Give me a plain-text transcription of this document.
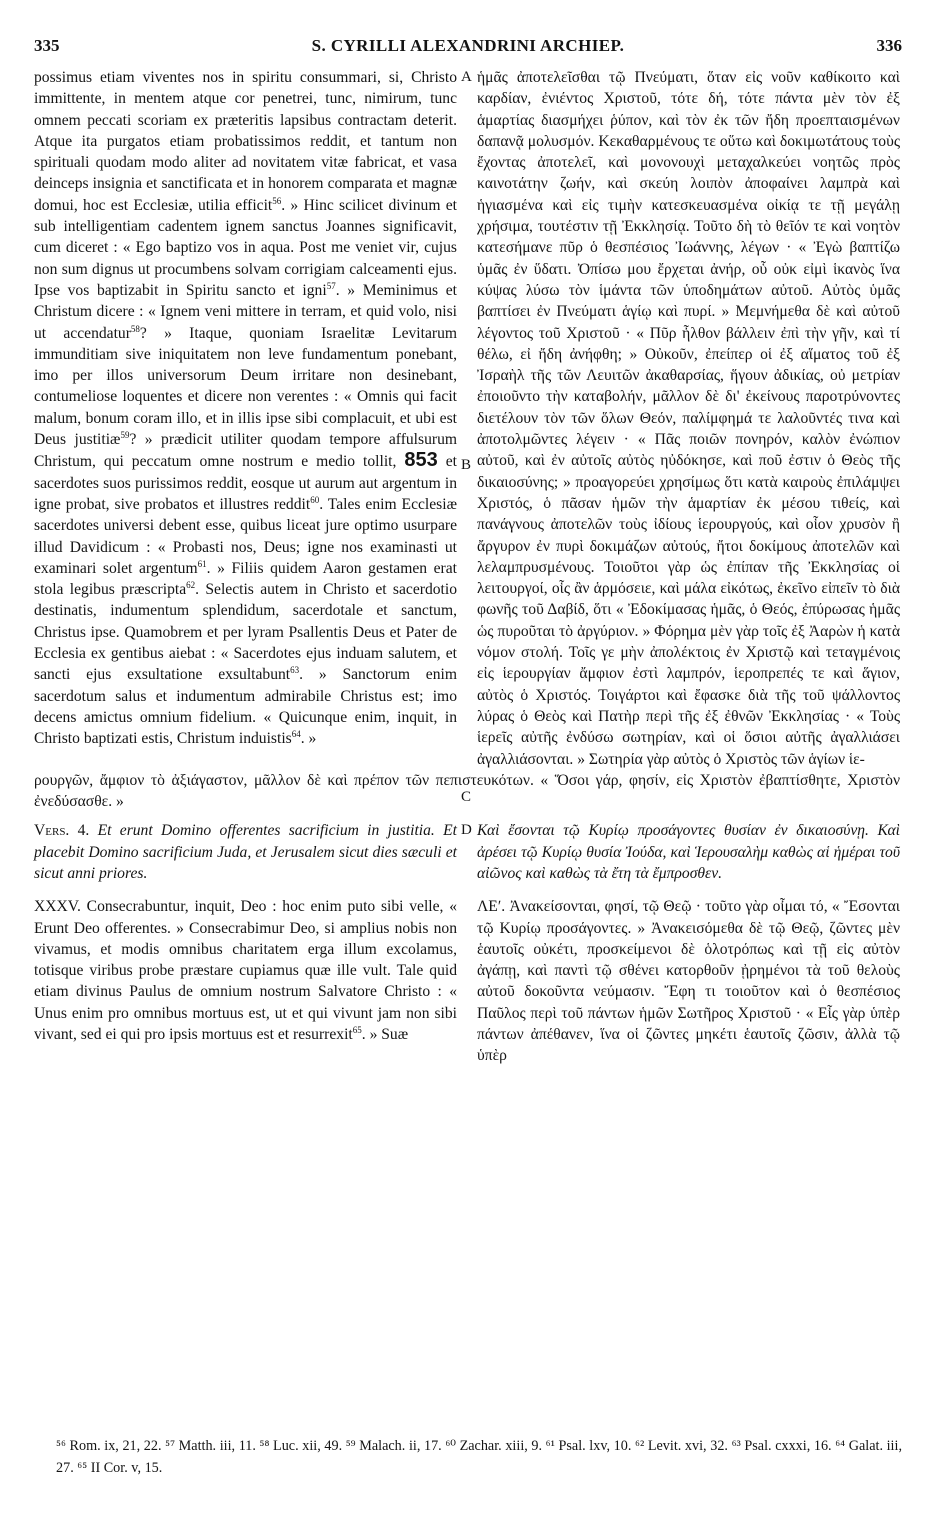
335	S. CYRILLI ALEXANDRINI ARCHIEP.	336

possimus etiam viventes nos in spiritu consummari, si, Christo immittente, in mentem atque cor penetrei, tunc, nimirum, tunc omnem peccati scoriam ex præteritis lapsibus contractam deterit. Atque ita purgatos etiam probatissimos reddit, et tantum non spirituali quodam modo aliter ad novitatem vitæ fabricat, et vasa deinceps insignia et sanctificata et in honorem comparata et magnæ domui, hoc est Ecclesiæ, utilia efficit$^{56}$. » Hinc scilicet divinum et sub intelligentiam cadentem ignem sanctus Joannes significavit, cum diceret : « Ego baptizo vos in aqua. Post me veniet vir, cujus non sum dignus ut procumbens solvam corrigiam calceamenti ejus. Ipse vos baptizabit in Spiritu sancto et igni$^{57}$. » Meminimus et Christum dicere : « Ignem veni mittere in terram, et quid volo, nisi ut accendatur$^{58}$? » Itaque, quoniam Israelitæ Levitarum immunditiam sive iniquitatem non leve fundamentum ponebant, imo per illos universorum Deum irritare non desinebant, contumeliose loquentes et dicere non verentes : « Omnis qui facit malum, bonum coram illo, et in illis ipse sibi complacuit, et ubi est Deus justitiæ$^{59}$? » prædicit utiliter quodam tempore affulsurum Christum, qui peccatum omne nostrum e medio tollit, 853 et sacerdotes suos purissimos reddit, eosque ut aurum aut argentum in igne probat, sive probatos et illustres reddit$^{60}$. Tales enim Ecclesiæ sacerdotes universi debent esse, quibus liceat jure optimo usurpare illud Davidicum : « Probasti nos, Deus; igne nos examinasti ut examinari solet argentum$^{61}$. » Filiis quidem Aaron gestamen erat stola legibus præscripta$^{62}$. Selectis autem in Christo et sacerdotio destinatis, indumentum splendidum, sacerdotale et sanctum, Christus ipse. Quamobrem et per lyram Psallentis Deus et Pater de Ecclesia ex gentibus aiebat : « Sacerdotes ejus induam salutem, et sancti ejus exsultatione exsultabunt$^{63}$. » Sanctorum enim sacerdotum salus et indumentum admirabile Christus est; imo decens amictus omnium fidelium. « Quicunque enim, inquit, in Christo baptizati estis, Christum induistis$^{64}$. »

A
B
C

ἡμᾶς ἀποτελεῖσθαι τῷ Πνεύματι, ὅταν εἰς νοῦν καθίκοιτο καὶ καρδίαν, ἐνιέντος Χριστοῦ, τότε δή, τότε πάντα μὲν τὸν ἐξ ἁμαρτίας διασμήχει ῥύπον, καὶ τὸν ἐκ τῶν ἤδη προεπταισμένων δαπανᾷ μολυσμόν. Κεκαθαρμένους τε οὕτω καὶ δοκιμωτάτους τοὺς ἔχοντας ἀποτελεῖ, καὶ μονονουχὶ μεταχαλκεύει νοητῶς πρὸς καινοτάτην ζωήν, καὶ σκεύη λοιπὸν ἀποφαίνει λαμπρὰ καὶ ἡγιασμένα καὶ εἰς τιμὴν κατεσκευασμένα οἰκίᾳ τε τῇ μεγάλῃ χρήσιμα, τουτέστιν τῇ Ἐκκλησίᾳ. Τοῦτο δὴ τὸ θεῖόν τε καὶ νοητὸν κατεσήμανε πῦρ ὁ θεσπέσιος Ἰωάννης, λέγων · « Ἐγὼ βαπτίζω ὑμᾶς ἐν ὕδατι. Ὀπίσω μου ἔρχεται ἀνήρ, οὗ οὐκ εἰμὶ ἱκανὸς ἵνα κύψας λύσω τὸν ἱμάντα τῶν ὑποδημάτων αὐτοῦ. Αὐτὸς ὑμᾶς βαπτίσει ἐν Πνεύματι ἁγίῳ καὶ πυρί. » Μεμνήμεθα δὲ καὶ αὐτοῦ λέγοντος τοῦ Χριστοῦ · « Πῦρ ἦλθον βάλλειν ἐπὶ τὴν γῆν, καὶ τί θέλω, εἰ ἤδη ἀνήφθη; » Οὐκοῦν, ἐπείπερ οἱ ἐξ αἵματος τοῦ ἐξ Ἰσραὴλ τῆς τῶν Λευιτῶν ἀκαθαρσίας, ἥγουν ἀδικίας, οὐ μετρίαν ἐποιοῦντο τὴν καταβολήν, μᾶλλον δὲ δι' ἐκείνους παροτρύνοντες διετέλουν τὸν τῶν ὅλων Θεόν, παλίμφημά τε λαλοῦντές τινα καὶ ἀποτολμῶντες λέγειν · « Πᾶς ποιῶν πονηρόν, καλὸν ἐνώπιον αὐτοῦ, καὶ ἐν αὐτοῖς αὐτὸς ηὐδόκησε, καὶ ποῦ ἐστιν ὁ Θεὸς τῆς δικαιοσύνης; » προαγορεύει χρησίμως ὅτι κατὰ καιροὺς ἐπιλάμψει Χριστός, ὁ πᾶσαν ἡμῶν τὴν ἁμαρτίαν ἐκ μέσου τιθείς, καὶ πανάγνους ἀποτελῶν τοὺς ἰδίους ἱερουργούς, καὶ οἷον χρυσὸν ἢ ἄργυρον ἐν πυρὶ δοκιμάζων αὐτούς, ἤτοι δοκίμους ἀποτελῶν καὶ λελαμπρυσμένους. Τοιοῦτοι γὰρ ὡς ἐπίπαν τῆς Ἐκκλησίας οἱ λειτουργοί, οἷς ἂν ἁρμόσειε, καὶ μάλα εἰκότως, ἐκεῖνο εἰπεῖν τὸ διὰ φωνῆς τοῦ Δαβίδ, ὅτι « Ἐδοκίμασας ἡμᾶς, ὁ Θεός, ἐπύρωσας ἡμᾶς ὡς πυροῦται τὸ ἀργύριον. » Φόρημα μὲν γὰρ τοῖς ἐξ Ἀαρὼν ἡ κατὰ νόμον στολή. Τοῖς γε μὴν ἀπολέκτοις ἐν Χριστῷ καὶ τεταγμένοις εἰς ἱερουργίαν ἄμφιον ἐστὶ λαμπρόν, ἱεροπρεπές τε καὶ ἅγιον, αὐτὸς ὁ Χριστός. Τοιγάρτοι καὶ ἔφασκε διὰ τῆς τοῦ ψάλλοντος λύρας ὁ Θεὸς καὶ Πατὴρ περὶ τῆς ἐξ ἐθνῶν Ἐκκλησίας · « Τοὺς ἱερεῖς αὐτῆς ἐνδύσω σωτηρίαν, καὶ οἱ ὅσιοι αὐτῆς ἀγαλλιάσει ἀγαλλιάσονται. » Σωτηρία γὰρ αὐτὸς ὁ Χριστὸς τῶν ἁγίων ἱε-

ρουργῶν, ἄμφιον τὸ ἀξιάγαστον, μᾶλλον δὲ καὶ πρέπον τῶν πεπιστευκότων. « Ὅσοι γάρ, φησίν, εἰς Χριστὸν ἐβαπτίσθητε, Χριστὸν ἐνεδύσασθε. »

Vers. 4. Et erunt Domino offerentes sacrificium in justitia. Et placebit Domino sacrificium Juda, et Jerusalem sicut dies sæculi et sicut anni priores.

D Καὶ ἔσονται τῷ Κυρίῳ προσάγοντες θυσίαν ἐν δικαιοσύνῃ. Καὶ ἀρέσει τῷ Κυρίῳ θυσία Ἰούδα, καὶ Ἱερουσαλὴμ καθὼς αἱ ἡμέραι τοῦ αἰῶνος καὶ καθὼς τὰ ἔτη τὰ ἔμπροσθεν.

XXXV. Consecrabuntur, inquit, Deo : hoc enim puto sibi velle, « Erunt Deo offerentes. » Consecrabimur Deo, si amplius nobis non vivamus, et modis omnibus charitatem erga illum excolamus, totisque viribus probe præstare cupiamus quæ ille vult. Tale quid etiam divinus Paulus de omnium nostrum Salvatore Christo : « Unus enim pro omnibus mortuus est, ut et qui vivunt jam non sibi vivant, sed ei qui pro ipsis mortuus est et resurrexit$^{65}$. » Suæ

ΛΕʹ. Ἀνακείσονται, φησί, τῷ Θεῷ · τοῦτο γὰρ οἶμαι τό, « Ἔσονται τῷ Κυρίῳ προσάγοντες. » Ἀνακεισόμεθα δὲ τῷ Θεῷ, ζῶντες μὲν ἑαυτοῖς οὐκέτι, προσκείμενοι δὲ ὁλοτρόπως καὶ τῇ εἰς αὐτὸν ἀγάπῃ, καὶ παντὶ τῷ σθένει κατορθοῦν ᾐρημένοι τὰ τοῦ θελοὺς αὐτοῦ δοκοῦντα νεύμασιν. Ἔφη τι τοιοῦτον καὶ ὁ θεσπέσιος Παῦλος περὶ τοῦ πάντων ἡμῶν Σωτῆρος Χριστοῦ · « Εἷς γὰρ ὑπὲρ πάντων ἀπέθανεν, ἵνα οἱ ζῶντες μηκέτι ἑαυτοῖς ζῶσιν, ἀλλὰ τῷ ὑπὲρ

⁵⁶ Rom. ix, 21, 22. ⁵⁷ Matth. iii, 11. ⁵⁸ Luc. xii, 49. ⁵⁹ Malach. ii, 17. ⁶⁰ Zachar. xiii, 9. ⁶¹ Psal. lxv, 10. ⁶² Levit. xvi, 32. ⁶³ Psal. cxxxi, 16. ⁶⁴ Galat. iii, 27. ⁶⁵ II Cor. v, 15.
